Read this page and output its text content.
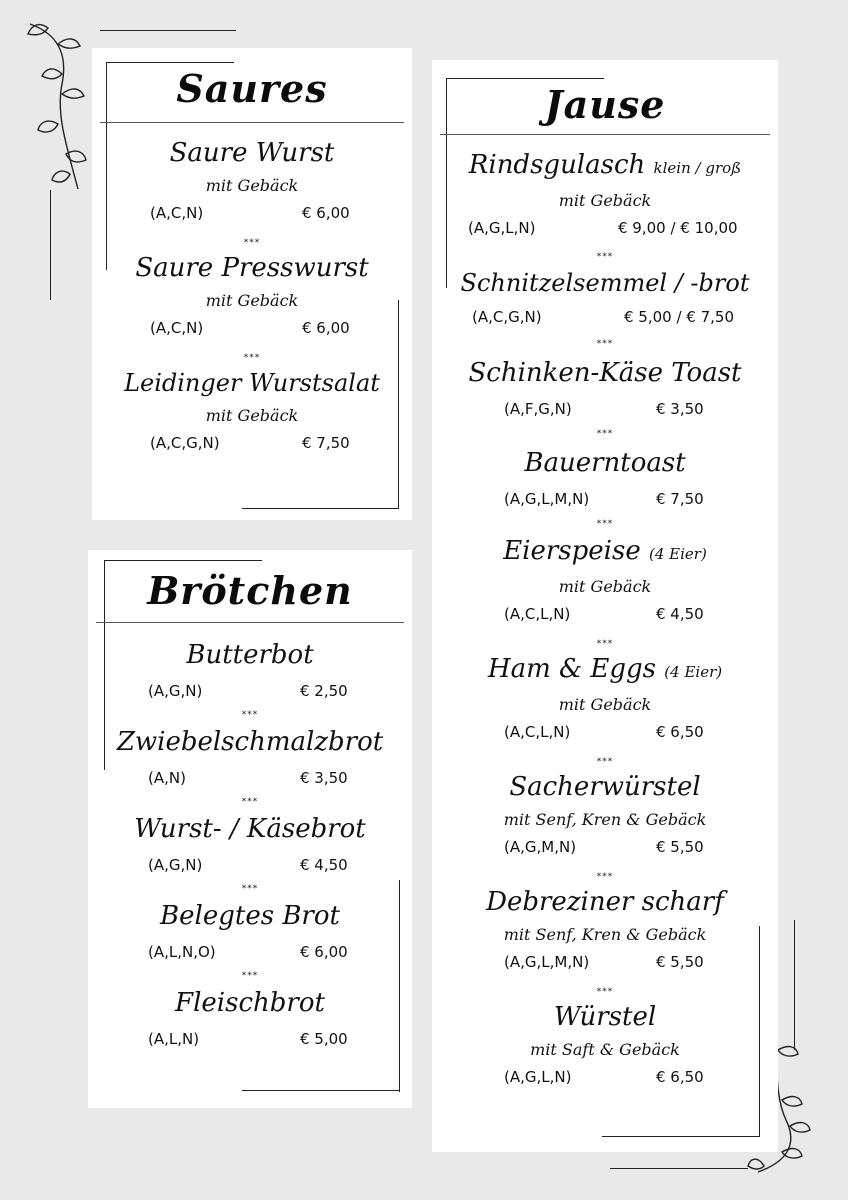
Saures
Saure Wurst
mit Gebäck
(A,C,N)	€ 6,00
***
Saure Presswurst
mit Gebäck
(A,C,N)	€ 6,00
***
Leidinger Wurstsalat
mit Gebäck
(A,C,G,N)	€ 7,50
Brötchen
Butterbot
(A,G,N)	€ 2,50
***
Zwiebelschmalzbrot
(A,N)	€ 3,50
***
Wurst- / Käsebrot
(A,G,N)	€ 4,50
***
Belegtes Brot
(A,L,N,O)	€ 6,00
***
Fleischbrot
(A,L,N)	€ 5,00
Jause
Rindsgulasch klein / groß
mit Gebäck
(A,G,L,N)	€ 9,00 / € 10,00
***
Schnitzelsemmel / -brot
(A,C,G,N)	€ 5,00 / € 7,50
***
Schinken-Käse Toast
(A,F,G,N)	€ 3,50
***
Bauerntoast
(A,G,L,M,N)	€ 7,50
***
Eierspeise (4 Eier)
mit Gebäck
(A,C,L,N)	€ 4,50
***
Ham & Eggs (4 Eier)
mit Gebäck
(A,C,L,N)	€ 6,50
***
Sacherwürstel
mit Senf, Kren & Gebäck
(A,G,M,N)	€ 5,50
***
Debreziner scharf
mit Senf, Kren & Gebäck
(A,G,L,M,N)	€ 5,50
***
Würstel
mit Saft & Gebäck
(A,G,L,N)	€ 6,50
